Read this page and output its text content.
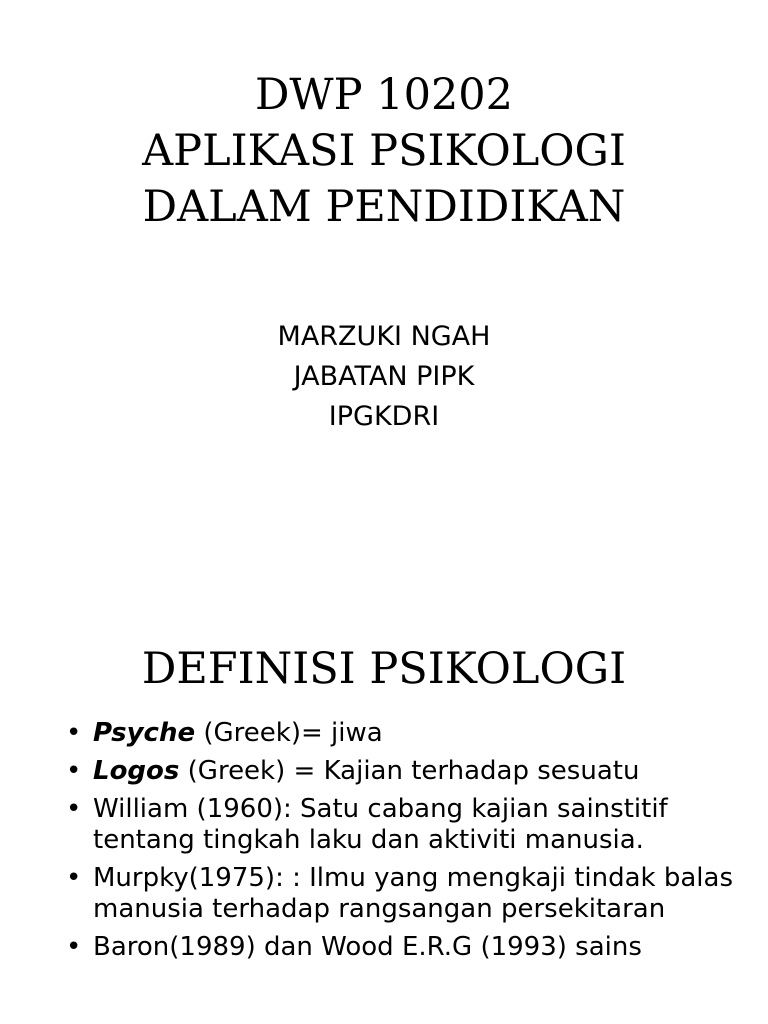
DWP 10202
APLIKASI PSIKOLOGI
DALAM PENDIDIKAN
MARZUKI NGAH
JABATAN PIPK
IPGKDRI
DEFINISI PSIKOLOGI
• Psyche (Greek)= jiwa
• Logos (Greek) = Kajian terhadap sesuatu
• William (1960): Satu cabang kajian sainstitif tentang tingkah laku dan aktiviti manusia.
• Murpky(1975): : Ilmu yang mengkaji tindak balas manusia terhadap rangsangan persekitaran
• Baron(1989) dan Wood E.R.G (1993) sains
